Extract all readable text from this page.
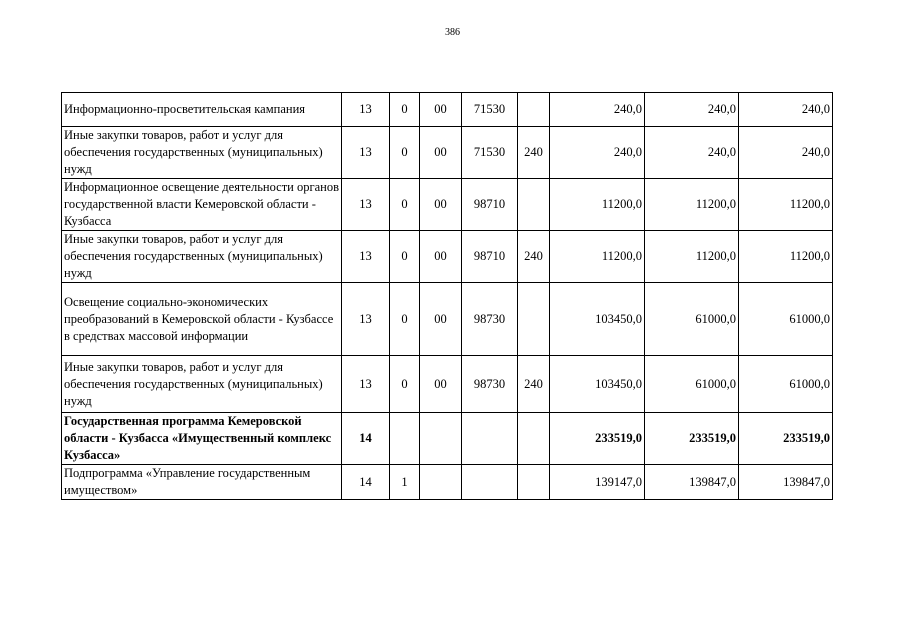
386
Информационно-просветительская кампания	13	0	00	71530		240,0	240,0	240,0
Иные закупки товаров, работ и услуг для обеспечения государственных (муниципальных) нужд	13	0	00	71530	240	240,0	240,0	240,0
Информационное освещение деятельности органов государственной власти Кемеровской области - Кузбасса	13	0	00	98710		11200,0	11200,0	11200,0
Иные закупки товаров, работ и услуг для обеспечения государственных (муниципальных) нужд	13	0	00	98710	240	11200,0	11200,0	11200,0
Освещение социально-экономических преобразований в Кемеровской области - Кузбассе в средствах массовой информации	13	0	00	98730		103450,0	61000,0	61000,0
Иные закупки товаров, работ и услуг для обеспечения государственных (муниципальных) нужд	13	0	00	98730	240	103450,0	61000,0	61000,0
Государственная программа Кемеровской области - Кузбасса «Имущественный комплекс Кузбасса»	14					233519,0	233519,0	233519,0
Подпрограмма «Управление государственным имуществом»	14	1				139147,0	139847,0	139847,0
